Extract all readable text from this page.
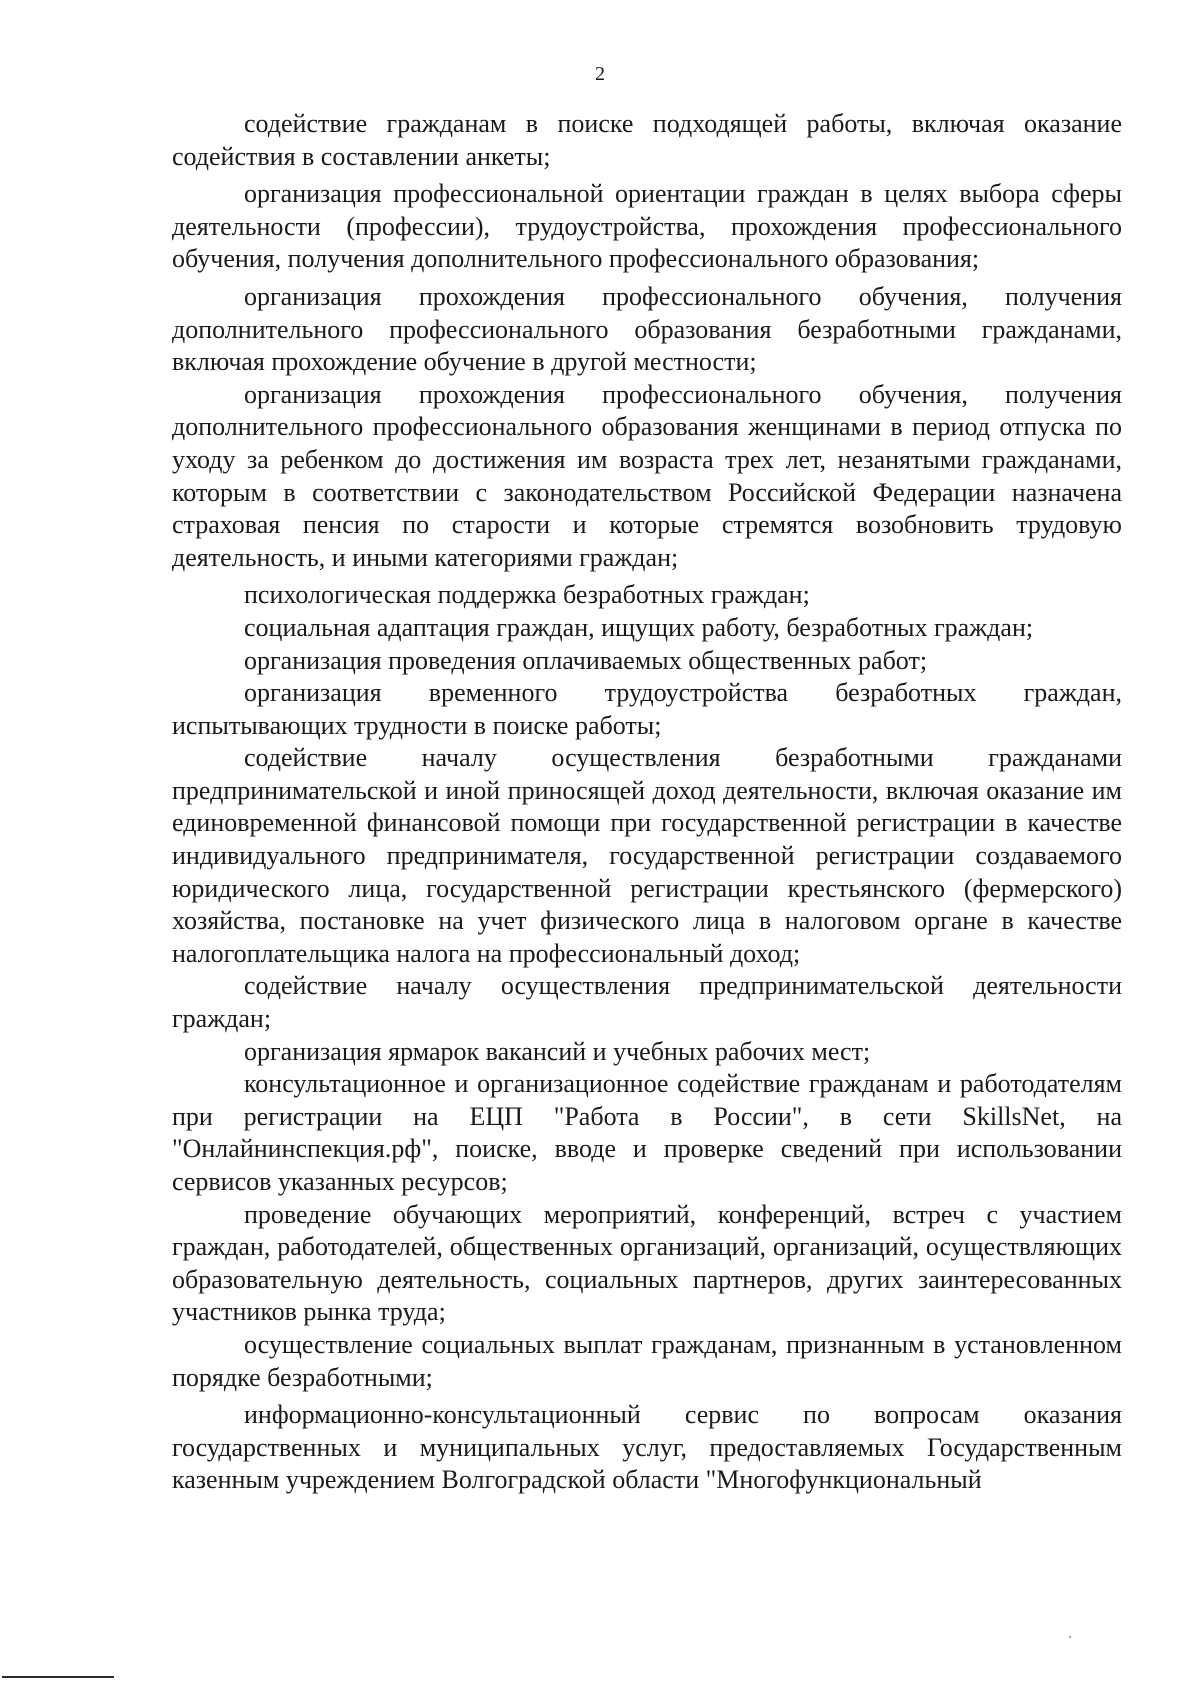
2

содействие гражданам в поиске подходящей работы, включая оказание содействия в составлении анкеты;

организация профессиональной ориентации граждан в целях выбора сферы деятельности (профессии), трудоустройства, прохождения профессионального обучения, получения дополнительного профессионального образования;

организация прохождения профессионального обучения, получения дополнительного профессионального образования безработными гражданами, включая прохождение обучение в другой местности;

организация прохождения профессионального обучения, получения дополнительного профессионального образования женщинами в период отпуска по уходу за ребенком до достижения им возраста трех лет, незанятыми гражданами, которым в соответствии с законодательством Российской Федерации назначена страховая пенсия по старости и которые стремятся возобновить трудовую деятельность, и иными категориями граждан;

психологическая поддержка безработных граждан;

социальная адаптация граждан, ищущих работу, безработных граждан;

организация проведения оплачиваемых общественных работ;

организация временного трудоустройства безработных граждан, испытывающих трудности в поиске работы;

содействие началу осуществления безработными гражданами предпринимательской и иной приносящей доход деятельности, включая оказание им единовременной финансовой помощи при государственной регистрации в качестве индивидуального предпринимателя, государственной регистрации создаваемого юридического лица, государственной регистрации крестьянского (фермерского) хозяйства, постановке на учет физического лица в налоговом органе в качестве налогоплательщика налога на профессиональный доход;

содействие началу осуществления предпринимательской деятельности граждан;

организация ярмарок вакансий и учебных рабочих мест;

консультационное и организационное содействие гражданам и работодателям при регистрации на ЕЦП "Работа в России", в сети SkillsNet, на "Онлайнинспекция.рф", поиске, вводе и проверке сведений при использовании сервисов указанных ресурсов;

проведение обучающих мероприятий, конференций, встреч с участием граждан, работодателей, общественных организаций, организаций, осуществляющих образовательную деятельность, социальных партнеров, других заинтересованных участников рынка труда;

осуществление социальных выплат гражданам, признанным в установленном порядке безработными;

информационно-консультационный сервис по вопросам оказания государственных и муниципальных услуг, предоставляемых Государственным казенным учреждением Волгоградской области "Многофункциональный
